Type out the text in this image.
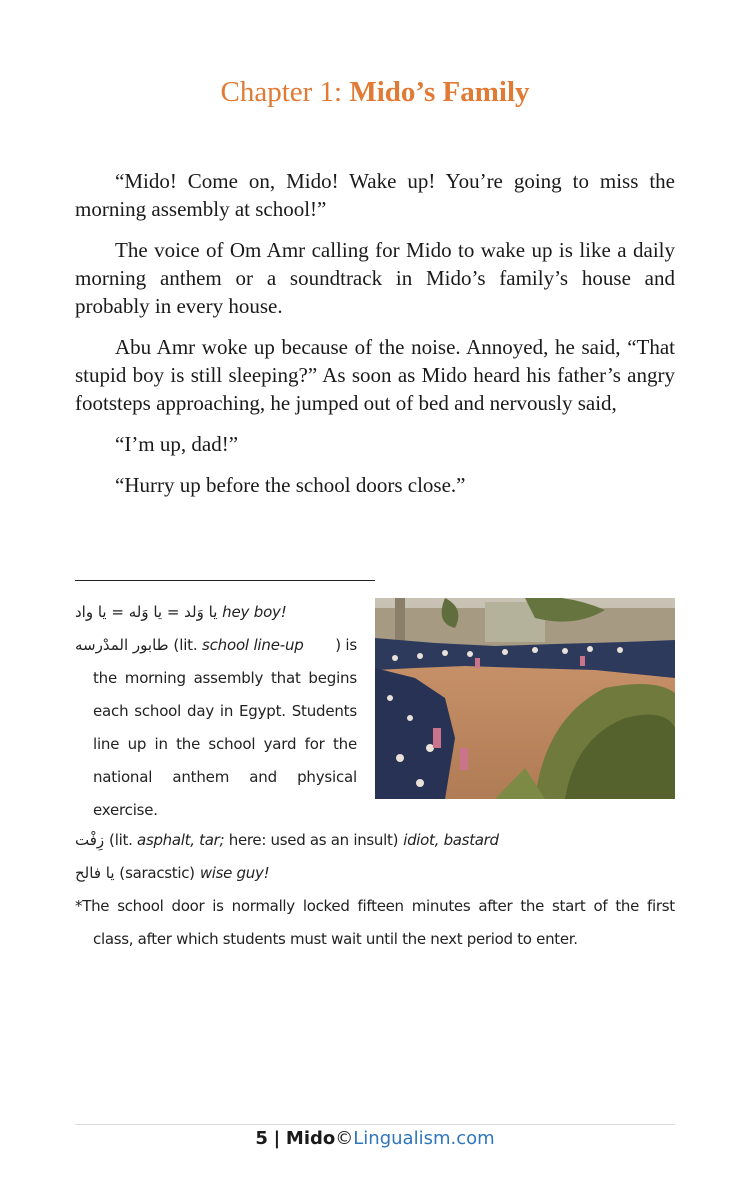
Chapter 1: Mido’s Family

“Mido! Come on, Mido! Wake up! You’re going to miss the morning assembly at school!”

The voice of Om Amr calling for Mido to wake up is like a daily morning anthem or a soundtrack in Mido’s family’s house and probably in every house.

Abu Amr woke up because of the noise. Annoyed, he said, “That stupid boy is still sleeping?” As soon as Mido heard his father’s angry footsteps approaching, he jumped out of bed and nervously said,

“I’m up, dad!”

“Hurry up before the school doors close.”

يا وَلد = يا وَله = يا واد hey boy!
طابور المدْرسه (lit. school line-up ) is
the morning assembly that begins
each school day in Egypt. Students
line up in the school yard for the
national anthem and physical
exercise.
زِفْت (lit. asphalt, tar; here: used as an insult) idiot, bastard
يا فالح (saracstic) wise guy!
*The school door is normally locked fifteen minutes after the start of the first
class, after which students must wait until the next period to enter.
5 | Mido©Lingualism.com
